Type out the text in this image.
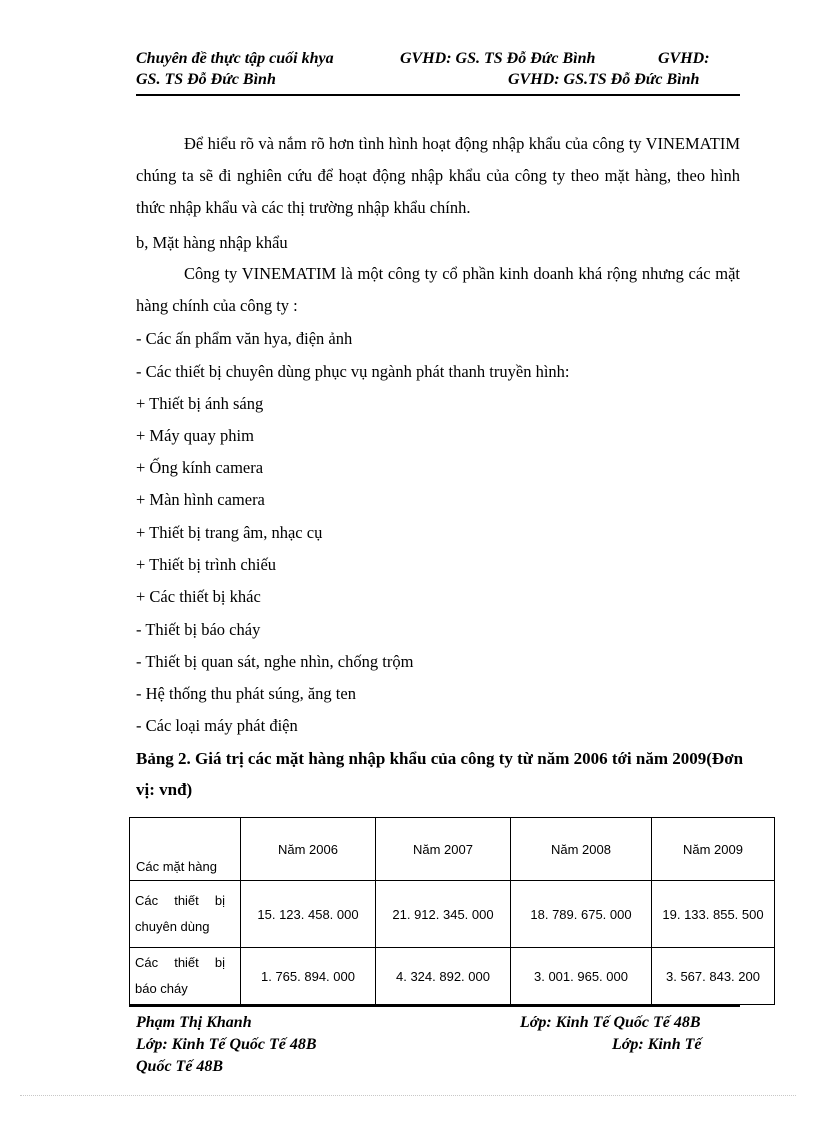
Chuyên đề thực tập cuối khya	GVHD: GS. TS Đỗ Đức Bình	GVHD:
GS. TS Đỗ Đức Bình	GVHD: GS.TS Đỗ Đức Bình
Để hiểu rõ và nắm rõ hơn tình hình hoạt động nhập khẩu của công ty VINEMATIM chúng ta sẽ đi nghiên cứu để hoạt động nhập khẩu của công ty theo mặt hàng, theo hình thức nhập khẩu và các thị trường nhập khẩu chính.
b, Mặt hàng nhập khẩu
Công ty VINEMATIM là một công ty cổ phần kinh doanh khá rộng nhưng các mặt hàng chính của công ty :
- Các ấn phẩm văn hya, điện ảnh
- Các thiết bị chuyên dùng phục vụ ngành phát thanh truyền hình:
+ Thiết bị ánh sáng
+ Máy quay phim
+ Ống kính camera
+ Màn hình camera
+ Thiết bị trang âm, nhạc cụ
+ Thiết bị trình chiếu
+ Các thiết bị khác
- Thiết bị báo cháy
- Thiết bị quan sát, nghe nhìn, chống trộm
- Hệ thống thu phát súng, ăng ten
- Các loại máy phát điện
Bảng 2. Giá trị các mặt hàng nhập khẩu của công ty từ năm 2006 tới năm 2009(Đơn vị: vnđ)
Các mặt hàng	Năm 2006	Năm 2007	Năm 2008	Năm 2009

Các thiết bị
chuyên dùng	15. 123. 458. 000	21. 912. 345. 000	18. 789. 675. 000	19. 133. 855. 500

Các thiết bị
báo cháy	1. 765. 894. 000	4. 324. 892. 000	3. 001. 965. 000	3. 567. 843. 200
Phạm Thị Khanh	Lớp: Kinh Tế Quốc Tế 48B
Lớp: Kinh Tế Quốc Tế 48B	Lớp: Kinh Tế
Quốc Tế 48B
